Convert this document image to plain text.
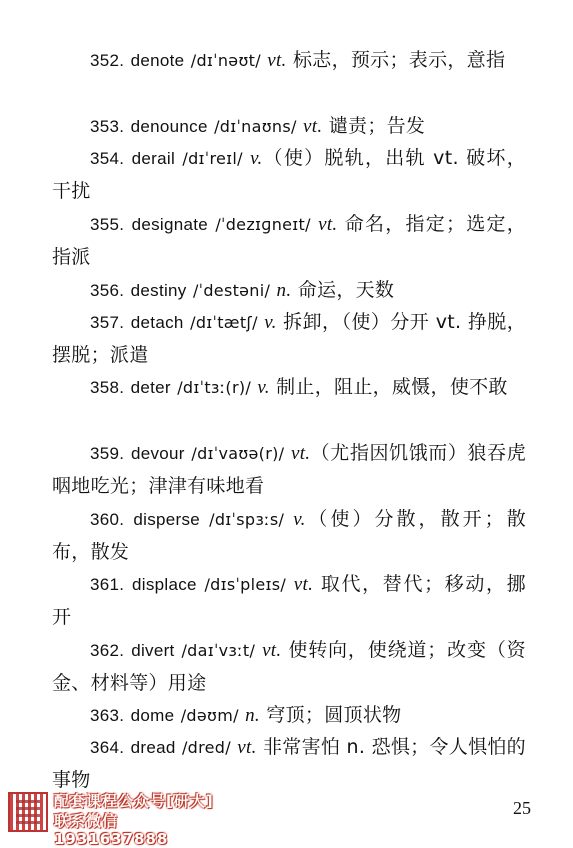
352. denote /dɪˈnəʊt/ vt. 标志，预示；表示，意指
353. denounce /dɪˈnaʊns/ vt. 谴责；告发
354. derail /dɪˈreɪl/ v.（使）脱轨，出轨 vt. 破坏，干扰
355. designate /ˈdezɪɡneɪt/ vt. 命名，指定；选定，指派
356. destiny /ˈdestəni/ n. 命运，天数
357. detach /dɪˈtætʃ/ v. 拆卸，（使）分开 vt. 挣脱，摆脱；派遣
358. deter /dɪˈtɜː(r)/ v. 制止，阻止，威慑，使不敢
359. devour /dɪˈvaʊə(r)/ vt.（尤指因饥饿而）狼吞虎咽地吃光；津津有味地看
360. disperse /dɪˈspɜːs/ v.（使）分散，散开；散布，散发
361. displace /dɪsˈpleɪs/ vt. 取代，替代；移动，挪开
362. divert /daɪˈvɜːt/ vt. 使转向，使绕道；改变（资金、材料等）用途
363. dome /dəʊm/ n. 穹顶；圆顶状物
364. dread /dred/ vt. 非常害怕 n. 恐惧；令人惧怕的事物
配套课程公众号[研大]
联系微信1931637888
25
